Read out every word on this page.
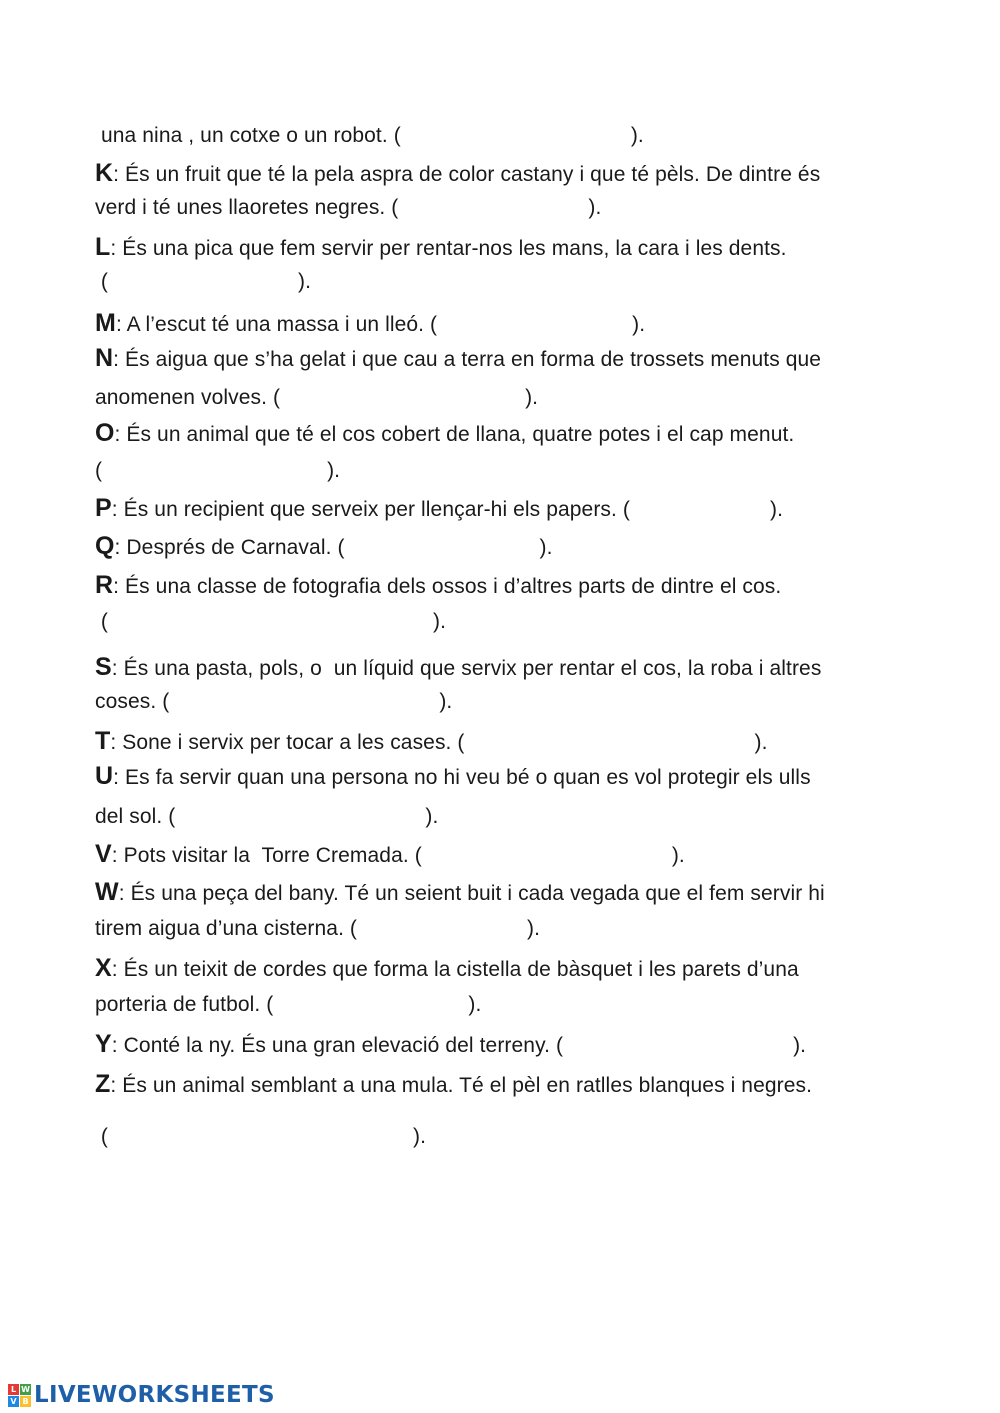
una nina , un cotxe o un robot. (	).
K: És un fruit que té la pela aspra de color castany i que té pèls. De dintre és
verd i té unes llaoretes negres. (	).
L: És una pica que fem servir per rentar-nos les mans, la cara i les dents.
(	).
M: A l’escut té una massa i un lleó. (	).
N: És aigua que s’ha gelat i que cau a terra en forma de trossets menuts que
anomenen volves. (	).
O: És un animal que té el cos cobert de llana, quatre potes i el cap menut.
(	).
P: És un recipient que serveix per llençar-hi els papers. (	).
Q: Després de Carnaval. (	).
R: És una classe de fotografia dels ossos i d’altres parts de dintre el cos.
(	).
S: És una pasta, pols, o  un líquid que servix per rentar el cos, la roba i altres
coses. (	).
T: Sone i servix per tocar a les cases. (	).
U: Es fa servir quan una persona no hi veu bé o quan es vol protegir els ulls
del sol. (	).
V: Pots visitar la  Torre Cremada. (	).
W: És una peça del bany. Té un seient buit i cada vegada que el fem servir hi
tirem aigua d’una cisterna. (	).
X: És un teixit de cordes que forma la cistella de bàsquet i les parets d’una
porteria de futbol. (	).
Y: Conté la ny. És una gran elevació del terreny. (	).
Z: És un animal semblant a una mula. Té el pèl en ratlles blanques i negres.
(	).
L W
V B LIVEWORKSHEETS
